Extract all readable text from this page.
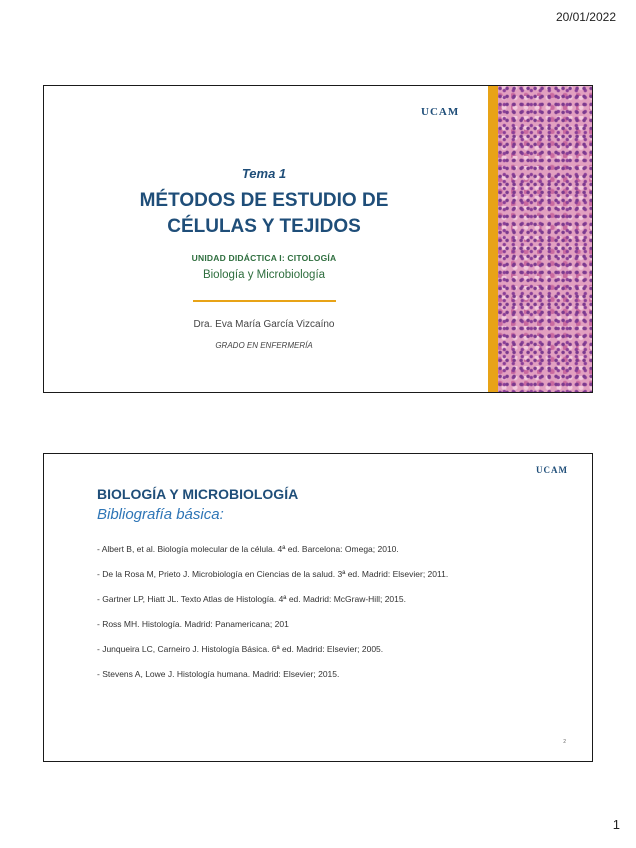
20/01/2022
UCAM
Tema 1
MÉTODOS DE ESTUDIO DE
CÉLULAS Y TEJIDOS
UNIDAD DIDÁCTICA I: CITOLOGÍA
Biología y Microbiología
Dra. Eva María García Vizcaíno
GRADO EN ENFERMERÍA
UCAM
BIOLOGÍA Y MICROBIOLOGÍA
Bibliografía básica:
- Albert B, et al. Biología molecular de la célula. 4ª ed. Barcelona: Omega; 2010.
- De la Rosa M, Prieto J. Microbiología en Ciencias de la salud. 3ª ed. Madrid: Elsevier; 2011.
- Gartner LP, Hiatt JL. Texto Atlas de Histología. 4ª ed. Madrid: McGraw-Hill; 2015.
- Ross MH. Histología. Madrid: Panamericana; 201
- Junqueira LC, Carneiro J. Histología Básica. 6ª ed. Madrid: Elsevier; 2005.
- Stevens A, Lowe J. Histología humana. Madrid: Elsevier; 2015.
2
1
